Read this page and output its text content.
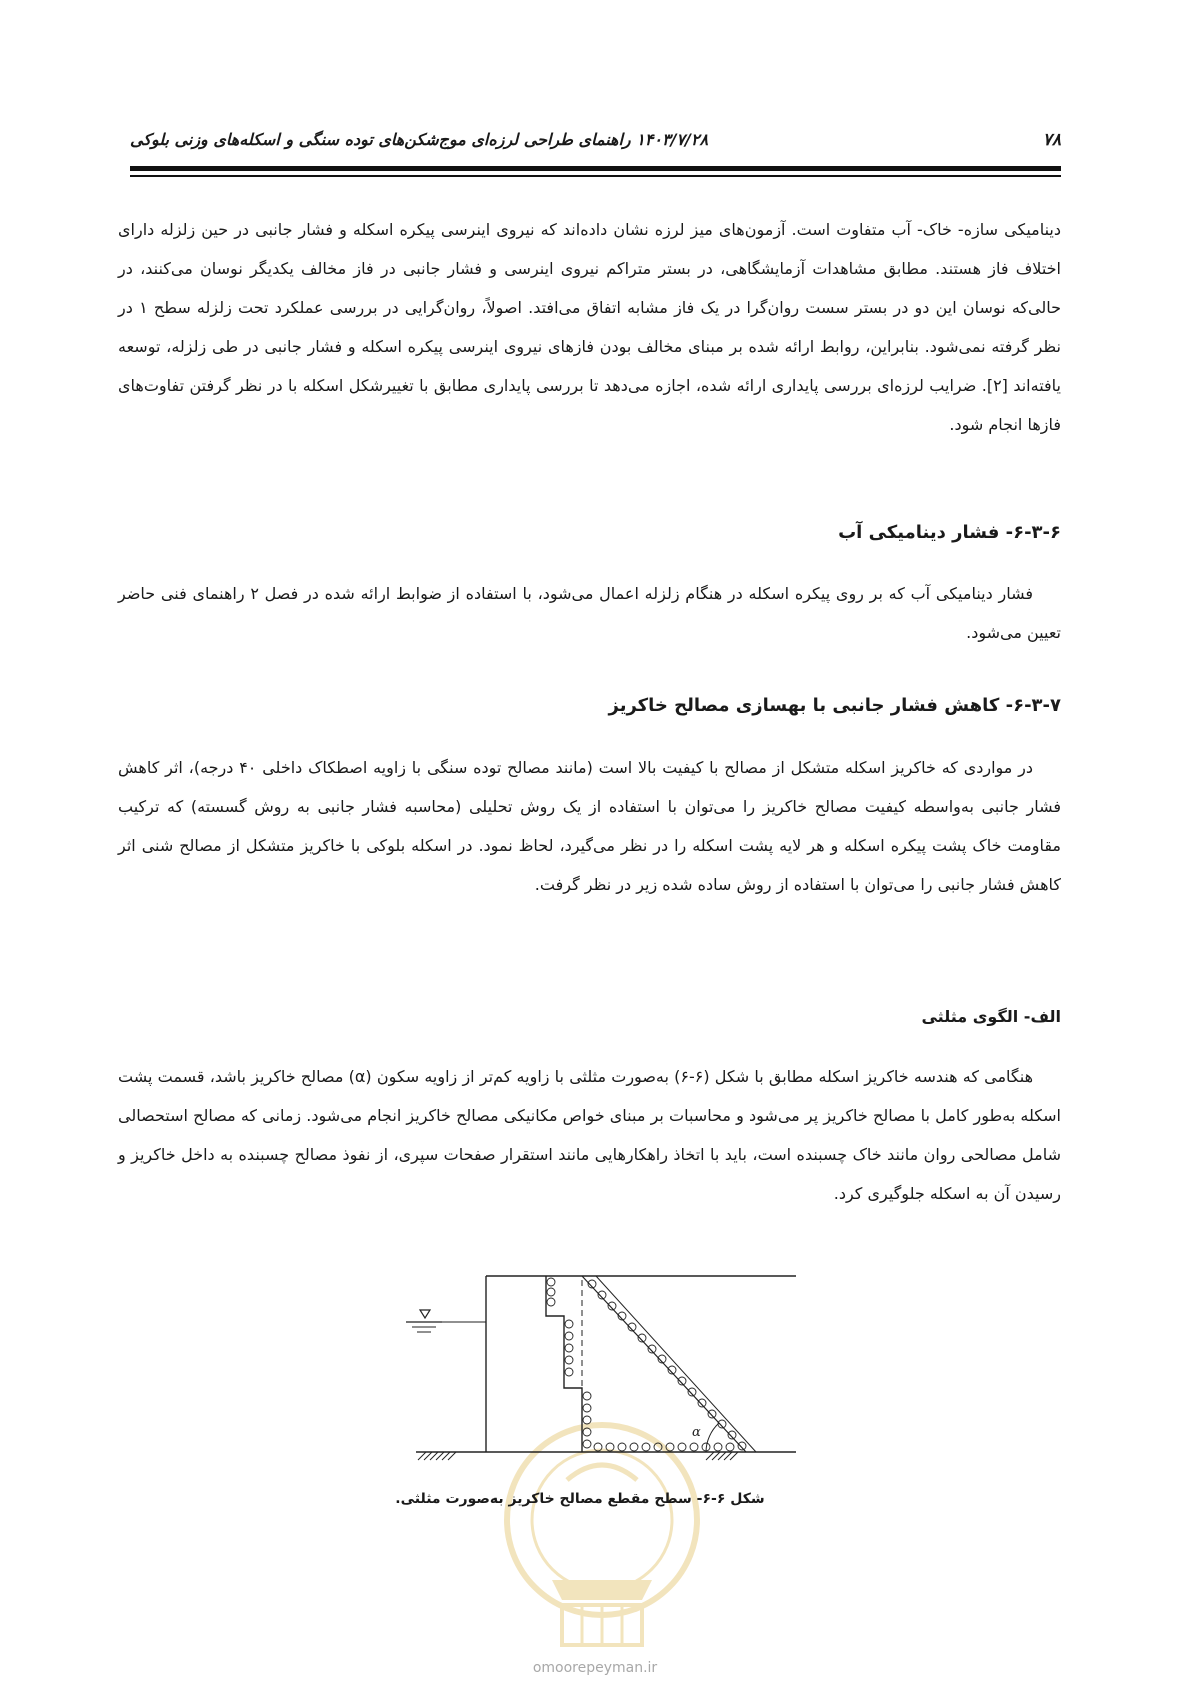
۷۸
۱۴۰۳/۷/۲۸ راهنمای طراحی لرزه‌ای موج‌شکن‌های توده سنگی و اسکله‌های وزنی بلوکی
دینامیکی سازه- خاک- آب متفاوت است. آزمون‌های میز لرزه نشان داده‌اند که نیروی اینرسی پیکره اسکله و فشار جانبی در حین زلزله دارای اختلاف فاز هستند. مطابق مشاهدات آزمایشگاهی، در بستر متراکم نیروی اینرسی و فشار جانبی در فاز مخالف یکدیگر نوسان می‌کنند، در حالی‌که نوسان این دو در بستر سست روان‌گرا در یک فاز مشابه اتفاق می‌افتد. اصولاً، روان‌گرایی در بررسی عملکرد تحت زلزله سطح ۱ در نظر گرفته نمی‌شود. بنابراین، روابط ارائه شده بر مبنای مخالف بودن فازهای نیروی اینرسی پیکره اسکله و فشار جانبی در طی زلزله، توسعه یافته‌اند [۲]. ضرایب لرزه‌ای بررسی پایداری ارائه شده، اجازه می‌دهد تا بررسی پایداری مطابق با تغییرشکل اسکله با در نظر گرفتن تفاوت‌های فازها انجام شود.
۶-۳-۶- فشار دینامیکی آب
فشار دینامیکی آب که بر روی پیکره اسکله در هنگام زلزله اعمال می‌شود، با استفاده از ضوابط ارائه شده در فصل ۲ راهنمای فنی حاضر تعیین می‌شود.
۶-۳-۷- کاهش فشار جانبی با بهسازی مصالح خاکریز
در مواردی که خاکریز اسکله متشکل از مصالح با کیفیت بالا است (مانند مصالح توده سنگی با زاویه اصطکاک داخلی ۴۰ درجه)، اثر کاهش فشار جانبی به‌واسطه کیفیت مصالح خاکریز را می‌توان با استفاده از یک روش تحلیلی (محاسبه فشار جانبی به روش گسسته) که ترکیب مقاومت خاک پشت پیکره اسکله و هر لایه پشت اسکله را در نظر می‌گیرد، لحاظ نمود. در اسکله بلوکی با خاکریز متشکل از مصالح شنی اثر کاهش فشار جانبی را می‌توان با استفاده از روش ساده شده زیر در نظر گرفت.
الف- الگوی مثلثی
هنگامی که هندسه خاکریز اسکله مطابق با شکل (۶-۶) به‌صورت مثلثی با زاویه کم‌تر از زاویه سکون (α) مصالح خاکریز باشد، قسمت پشت اسکله به‌طور کامل با مصالح خاکریز پر می‌شود و محاسبات بر مبنای خواص مکانیکی مصالح خاکریز انجام می‌شود. زمانی که مصالح استحصالی شامل مصالحی روان مانند خاک چسبنده است، باید با اتخاذ راهکارهایی مانند استقرار صفحات سپری، از نفوذ مصالح چسبنده به داخل خاکریز و رسیدن آن به اسکله جلوگیری کرد.
α
شکل ۶-۶- سطح مقطع مصالح خاکریز به‌صورت مثلثی.
omoorepeyman.ir
